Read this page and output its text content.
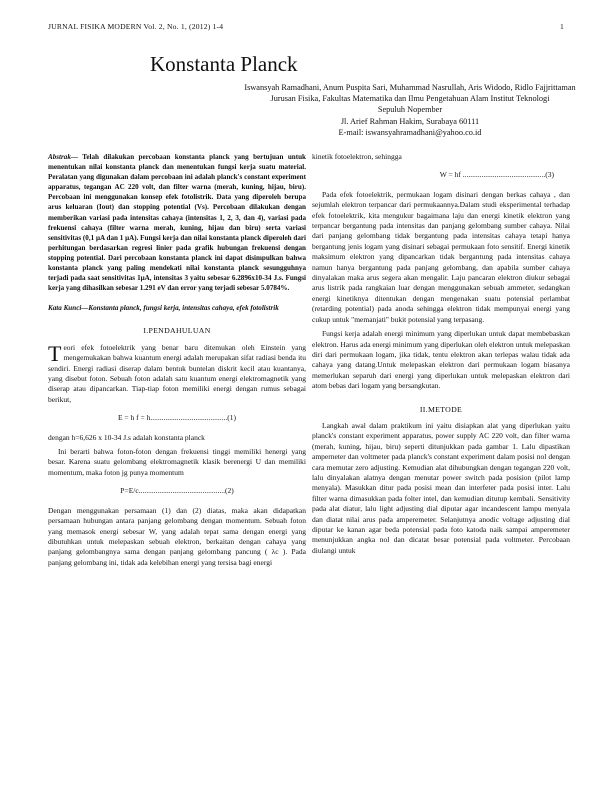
JURNAL FISIKA MODERN Vol. 2, No. 1, (2012) 1-4	1
Konstanta Planck
Iswansyah Ramadhani, Anum Puspita Sari, Muhammad Nasrullah, Aris Widodo, Ridlo Fajjrittaman
Jurusan Fisika, Fakultas Matematika dan Ilmu Pengetahuan Alam Institut Teknologi
Sepuluh Nopember
Jl. Arief Rahman Hakim, Surabaya 60111
E-mail: iswansyahramadhani@yahoo.co.id

Abstrak— Telah dilakukan percobaan konstanta planck yang bertujuan untuk menentukan nilai konstanta planck dan menentukan fungsi kerja suatu material. Peralatan yang digunakan dalam percobaan ini adalah planck's constant experiment apparatus, tegangan AC 220 volt, dan filter warna (merah, kuning, hijau, biru). Percobaan ini menggunakan konsep efek fotolistrik. Data yang diperoleh berupa arus keluaran (Iout) dan stopping potential (Vs). Percobaan dilakukan dengan memberikan variasi pada intensitas cahaya (intensitas 1, 2, 3, dan 4), variasi pada frekuensi cahaya (filter warna merah, kuning, hijau dan biru) serta variasi sensitivitas (0,1 μA dan 1 μA). Fungsi kerja dan nilai konstanta planck diperoleh dari perhitungan berdasarkan regresi linier pada grafik hubungan frekuensi dengan stopping potential. Dari percobaan konstanta planck ini dapat disimpulkan bahwa konstanta planck yang paling mendekati nilai konstanta planck sesungguhnya terjadi pada saat sensitivitas 1μA, intensitas 3 yaitu sebesar 6.2896x10-34 J.s. Fungsi kerja yang dihasilkan sebesar 1.291 eV dan error yang terjadi sebesar 5.0784%.

Kata Kunci—Konstanta planck, fungsi kerja, intensitas cahaya, efek fotolistrik

I.PENDAHULUAN
T eori efek fotoelektrik yang benar baru ditemukan oleh Einstein yang mengemukakan bahwa kuantum energi adalah merupakan sifat radiasi benda itu sendiri. Energi radiasi diserap dalam bentuk buntelan diskrit kecil atau kuantanya, yang disebut foton. Sebuah foton adalah satu kuantum energi elektromagnetik yang diserap atau dipancarkan. Tiap-tiap foton memiliki energi dengan rumus sebagai berikut,

E = h f = h.........................................(1)

dengan h=6,626 x 10-34 J.s adalah konstanta planck

Ini berarti bahwa foton-foton dengan frekuensi tinggi memiliki henergi yang besar. Karena suatu gelombang elektromagnetik klasik berenergi U dan memiliki momentum, maka foton jg punya momentum

P=E/c..............................................(2)

Dengan menggunakan persamaan (1) dan (2) diatas, maka akan didapatkan persamaan hubungan antara panjang gelombang dengan momentum. Sebuah foton yang memasok energi sebesar W, yang adalah tepat sama dengan energi yang dibutuhkan untuk melepaskan sebuah elektron, berkaitan dengan cahaya yang panjang gelombangnya sama dengan panjang gelombang pancung ( λc ). Pada panjang gelombang ini, tidak ada kelebihan energi yang tersisa bagi energi

kinetik fotoelektron, sehingga

W = hf ............................................(3)

Pada efek fotoelektrik, permukaan logam disinari dengan berkas cahaya , dan sejumlah elektron terpancar dari permukaannya.Dalam studi eksperimental terhadap efek fotoelektrik, kita mengukur bagaimana laju dan energi kinetik elektron yang terpancar bergantung pada intensitas dan panjang gelombang sumber cahaya. Nilai dari panjang gelombang tidak bergantung pada intensitas cahaya tetapi hanya bergantung jenis logam yang disinari sebagai permukaan foto sensitif. Energi kinetik maksimum elektron yang dipancarkan tidak bergantung pada intensitas cahaya namun hanya bergantung pada panjang gelombang, dan apabila sumber cahaya dinyalakan maka arus segera akan mengalir. Laju pancaran elektron diukur sebagai arus listrik pada rangkaian luar dengan menggunakan sebuah ammeter, sedangkan energi kinetiknya ditentukan dengan mengenakan suatu potensial perlambat (retarding potential) pada anoda sehingga elektron tidak mempunyai energi yang cukup untuk "memanjati" bukit potensial yang terpasang.

Fungsi kerja adalah energi minimum yang diperlukan untuk dapat membebaskan elektron. Harus ada energi minimum yang diperlukan oleh elektron untuk melepaskan diri dari permukaan logam, jika tidak, tentu elektron akan terlepas walau tidak ada cahaya yang datang.Untuk melepaskan elektron dari permukaan logam biasanya memerlukan separuh dari energi yang diperlukan untuk melepaskan elektron dari atom bebas dari logam yang bersangkutan.

II.METODE

Langkah awal dalam praktikum ini yaitu disiapkan alat yang diperlukan yaitu planck's constant experiment apparatus, power supply AC 220 volt, dan filter warna (merah, kuning, hijau, biru) seperti ditunjukkan pada gambar 1. Lalu dipastikan amperneter dan voltmeter pada planck's constant experiment dalam posisi nol dengan cara memutar zero adjusting. Kemudian alat dihubungkan dengan tegangan 220 volt, lalu dinyalakan alatnya dengan menutar power switch pada posision (pilot lamp menyala). Masukkan ditur pada posisi mean dan interfeter pada posisi inter. Lalu filter warna dimasukkan pada folter intel, dan kemudian ditutup kembali. Sensitivity pada alat diatur, lalu light adjusting dial diputar agar incandescent lampu menyala dan diatat nilai arus pada amperemeter. Selanjutnya anodic voltage adjusting dial diputar ke kanan agar beda potensial pada foto katoda naik sampai amperemeter menunjukkan angka nol dan dicatat besar potensial pada voltmeter. Percobaan diulangi untuk
